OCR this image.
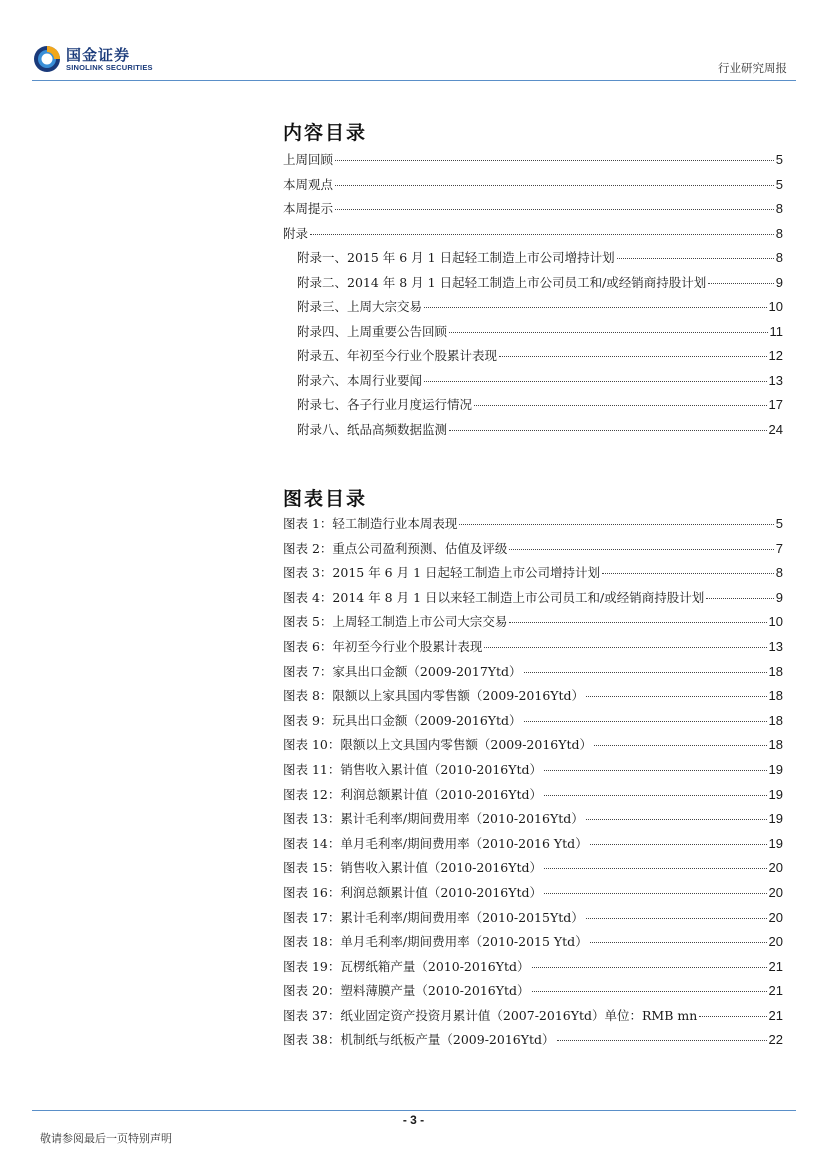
国金证券
SINOLINK SECURITIES	行业研究周报
内容目录
上周回顾	5
本周观点	5
本周提示	8
附录	8
附录一、2015 年 6 月 1 日起轻工制造上市公司增持计划	8
附录二、2014 年 8 月 1 日起轻工制造上市公司员工和/或经销商持股计划	9
附录三、上周大宗交易	10
附录四、上周重要公告回顾	11
附录五、年初至今行业个股累计表现	12
附录六、本周行业要闻	13
附录七、各子行业月度运行情况	17
附录八、纸品高频数据监测	24
图表目录
图表 1：轻工制造行业本周表现	5
图表 2：重点公司盈利预测、估值及评级	7
图表 3：2015 年 6 月 1 日起轻工制造上市公司增持计划	8
图表 4：2014 年 8 月 1 日以来轻工制造上市公司员工和/或经销商持股计划	9
图表 5：上周轻工制造上市公司大宗交易	10
图表 6：年初至今行业个股累计表现	13
图表 7：家具出口金额（2009-2017Ytd）	18
图表 8：限额以上家具国内零售额（2009-2016Ytd）	18
图表 9：玩具出口金额（2009-2016Ytd）	18
图表 10：限额以上文具国内零售额（2009-2016Ytd）	18
图表 11：销售收入累计值（2010-2016Ytd）	19
图表 12：利润总额累计值（2010-2016Ytd）	19
图表 13：累计毛利率/期间费用率（2010-2016Ytd）	19
图表 14：单月毛利率/期间费用率（2010-2016 Ytd）	19
图表 15：销售收入累计值（2010-2016Ytd）	20
图表 16：利润总额累计值（2010-2016Ytd）	20
图表 17：累计毛利率/期间费用率（2010-2015Ytd）	20
图表 18：单月毛利率/期间费用率（2010-2015 Ytd）	20
图表 19：瓦楞纸箱产量（2010-2016Ytd）	21
图表 20：塑料薄膜产量（2010-2016Ytd）	21
图表 37：纸业固定资产投资月累计值（2007-2016Ytd）单位：RMB mn	21
图表 38：机制纸与纸板产量（2009-2016Ytd）	22
- 3 -
敬请参阅最后一页特别声明
